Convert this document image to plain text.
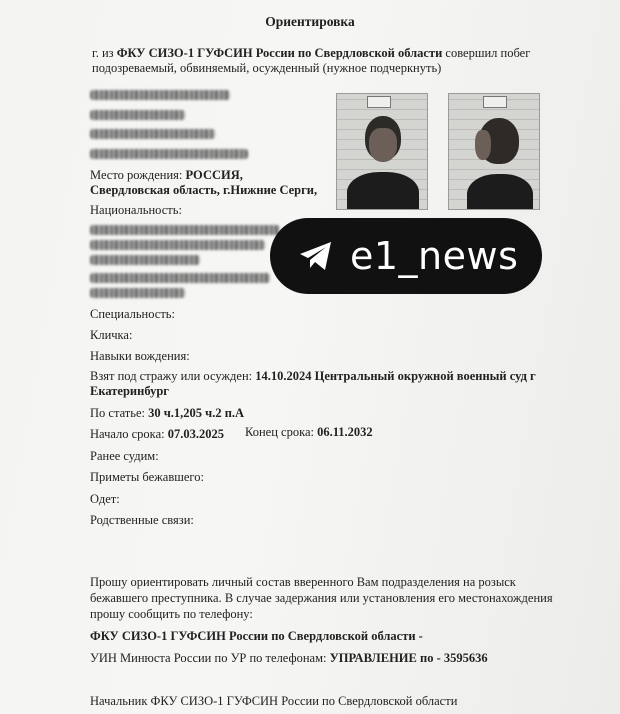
Ориентировка
г. из ФКУ СИЗО-1 ГУФСИН России по Свердловской области совершил побег
подозреваемый, обвиняемый, осужденный (нужное подчеркнуть)
Место рождения: РОССИЯ,
Свердловская область, г.Нижние Серги,
Национальность:
e1_news
Специальность:
Кличка:
Навыки вождения:
Взят под стражу или осужден: 14.10.2024 Центральный окружной военный суд г
Екатеринбург
По статье: 30 ч.1,205 ч.2 п.А
Начало срока: 07.03.2025 Конец срока: 06.11.2032
Ранее судим:
Приметы бежавшего:
Одет:
Родственные связи:
Прошу ориентировать личный состав вверенного Вам подразделения на розыск
бежавшего преступника. В случае задержания или установления его местонахождения
прошу сообщить по телефону:
ФКУ СИЗО-1 ГУФСИН России по Свердловской области -
УИН Минюста России по УР по телефонам: УПРАВЛЕНИЕ по - 3595636
Начальник ФКУ СИЗО-1 ГУФСИН России по Свердловской области
